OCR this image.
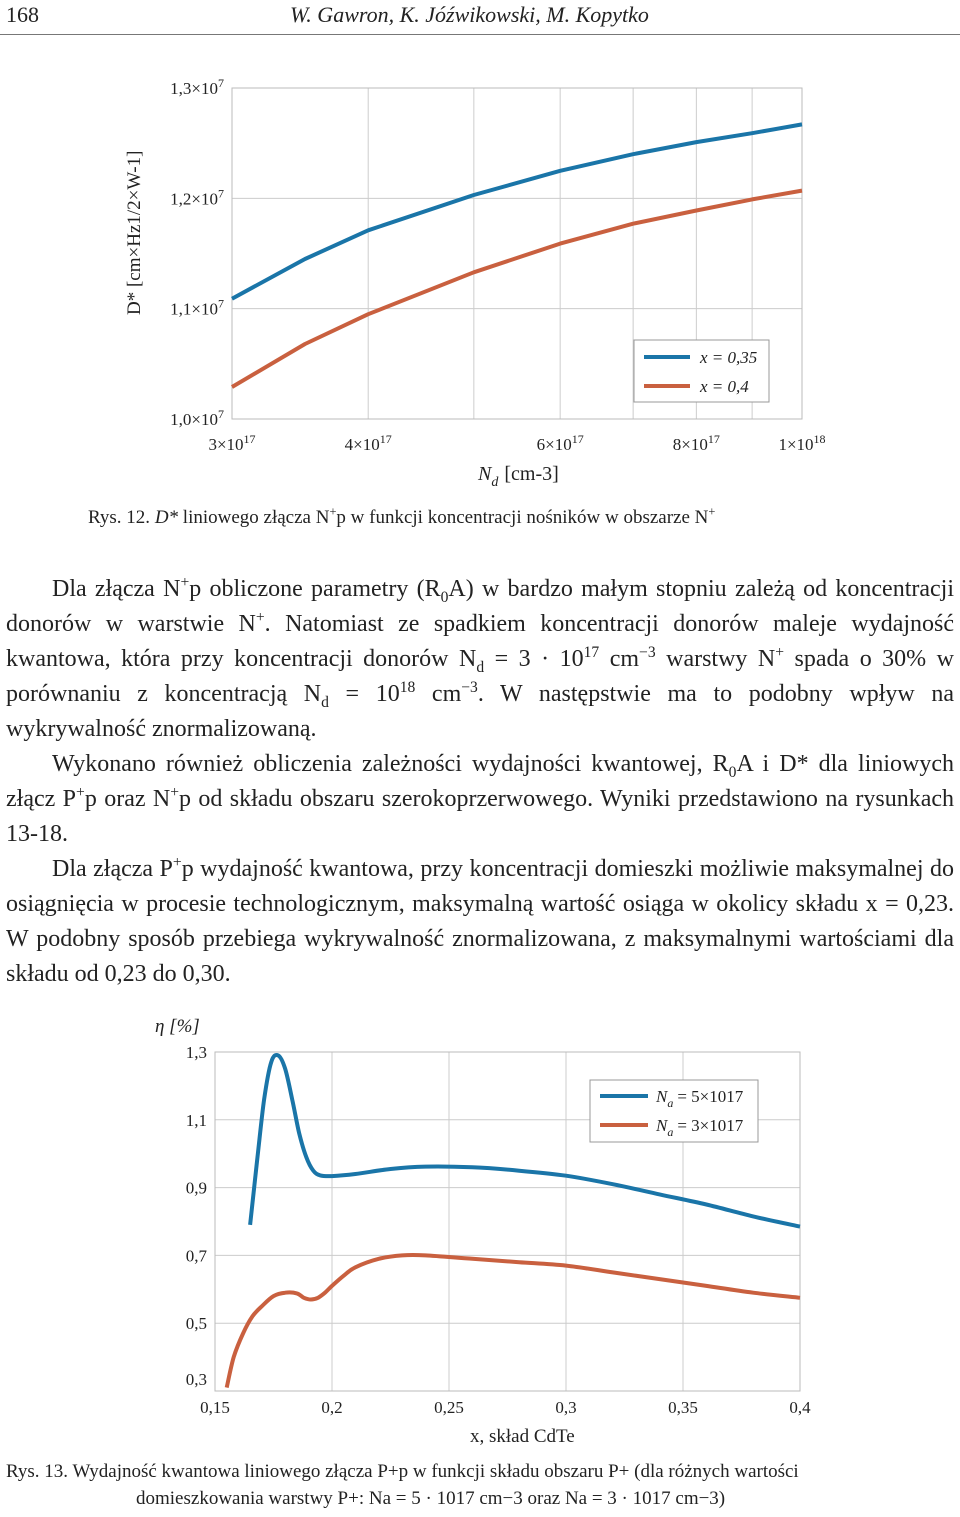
168	W. Gawron, K. Jóźwikowski, M. Kopytko
$1,0\times 10^7$
$1,1\times 10^7$
$1,2\times 10^7$
$1,3\times 10^7$
$3\times 10^{17}$	$4\times 10^{17}$	$6\times 10^{17}$	$8\times 10^{17}$	$1\times 10^{18}$
D* [cm×Hz1/2×W-1]
$N_d$ [cm-3]
x = 0,35
x = 0,4
Rys. 12. D* liniowego złącza N+p w funkcji koncentracji nośników w obszarze N+

Dla złącza N+p obliczone parametry $(R_0A)$ w bardzo małym stopniu zależą od koncentracji donorów w warstwie N+. Natomiast ze spadkiem koncentracji donorów maleje wydajność kwantowa, która przy koncentracji donorów $N_d = 3 \cdot 10^{17}$ $cm^{-3}$ warstwy N+ spada o 30% w porównaniu z koncentracją $N_d = 10^{18}$ $cm^{-3}$. W następstwie ma to podobny wpływ na wykrywalność znormalizowaną.

Wykonano również obliczenia zależności wydajności kwantowej, $R_0A$ i D* dla liniowych złącz P+p oraz N+p od składu obszaru szerokoprzerwowego. Wyniki przedstawiono na rysunkach 13-18.

Dla złącza P+p wydajność kwantowa, przy koncentracji domieszki możliwie maksymalnej do osiągnięcia w procesie technologicznym, maksymalną wartość osiąga w okolicy składu x = 0,23. W podobny sposób przebiega wykrywalność znormalizowana, z maksymalnymi wartościami dla składu od 0,23 do 0,30.

0,3
0,5
0,7
0,9
1,1
1,3
0,15	0,2	0,25	0,3	0,35	0,4
η [%]
x, skład CdTe
$N_a = 5\times 1017$
$N_a = 3\times 1017$
Rys. 13. Wydajność kwantowa liniowego złącza P+p w funkcji składu obszaru P+ (dla różnych wartości
domieszkowania warstwy P+: Na = 5 · 1017 cm−3 oraz Na = 3 · 1017 cm−3)
